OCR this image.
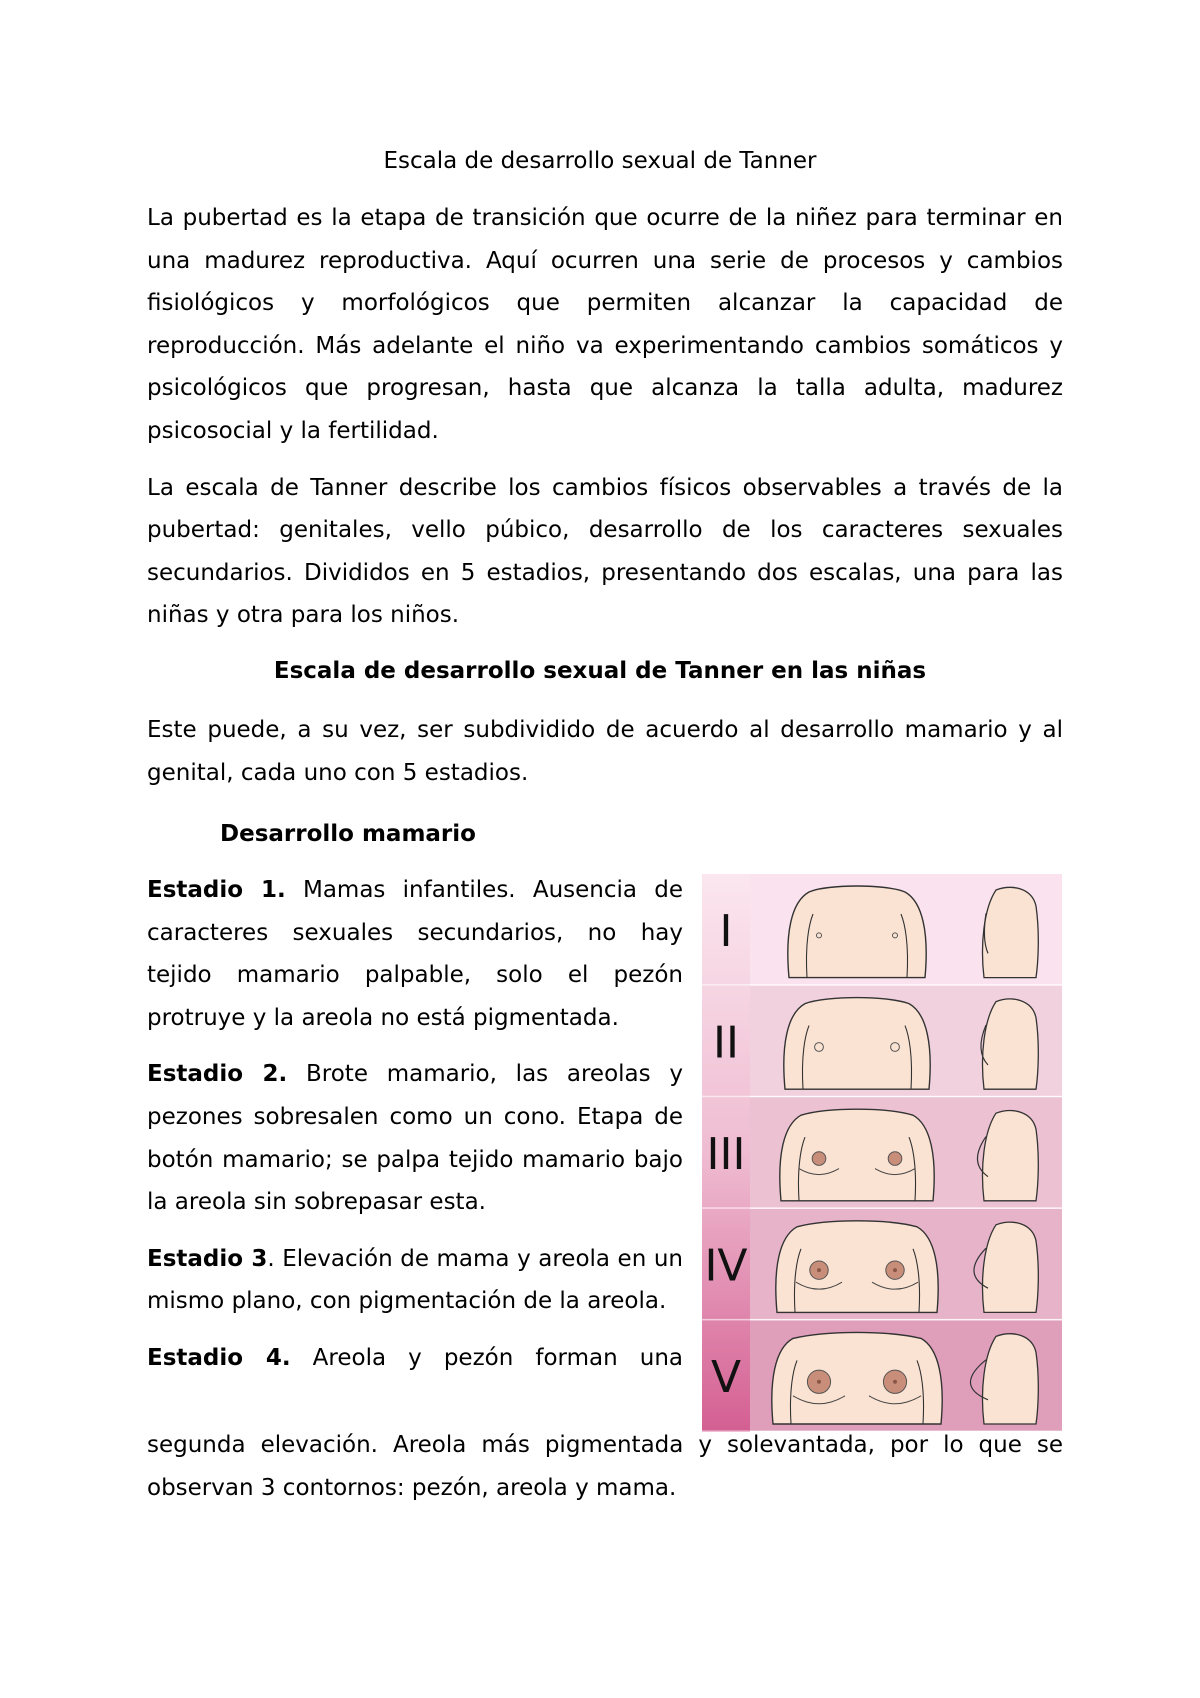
Escala de desarrollo sexual de Tanner

La pubertad es la etapa de transición que ocurre de la niñez para terminar en una madurez reproductiva. Aquí ocurren una serie de procesos y cambios fisiológicos y morfológicos que permiten alcanzar la capacidad de reproducción. Más adelante el niño va experimentando cambios somáticos y psicológicos que progresan, hasta que alcanza la talla adulta, madurez psicosocial y la fertilidad.

La escala de Tanner describe los cambios físicos observables a través de la pubertad: genitales, vello púbico, desarrollo de los caracteres sexuales secundarios. Divididos en 5 estadios, presentando dos escalas, una para las niñas y otra para los niños.

Escala de desarrollo sexual de Tanner en las niñas

Este puede, a su vez, ser subdividido de acuerdo al desarrollo mamario y al genital, cada uno con 5 estadios.

Desarrollo mamario

Estadio 1. Mamas infantiles. Ausencia de caracteres sexuales secundarios, no hay tejido mamario palpable, solo el pezón protruye y la areola no está pigmentada.

Estadio 2. Brote mamario, las areolas y pezones sobresalen como un cono. Etapa de botón mamario; se palpa tejido mamario bajo la areola sin sobrepasar esta.

Estadio 3. Elevación de mama y areola en un mismo plano, con pigmentación de la areola.

Estadio 4. Areola y pezón forman una

segunda elevación. Areola más pigmentada y solevantada, por lo que se observan 3 contornos: pezón, areola y mama.

I
II
III
IV
V
